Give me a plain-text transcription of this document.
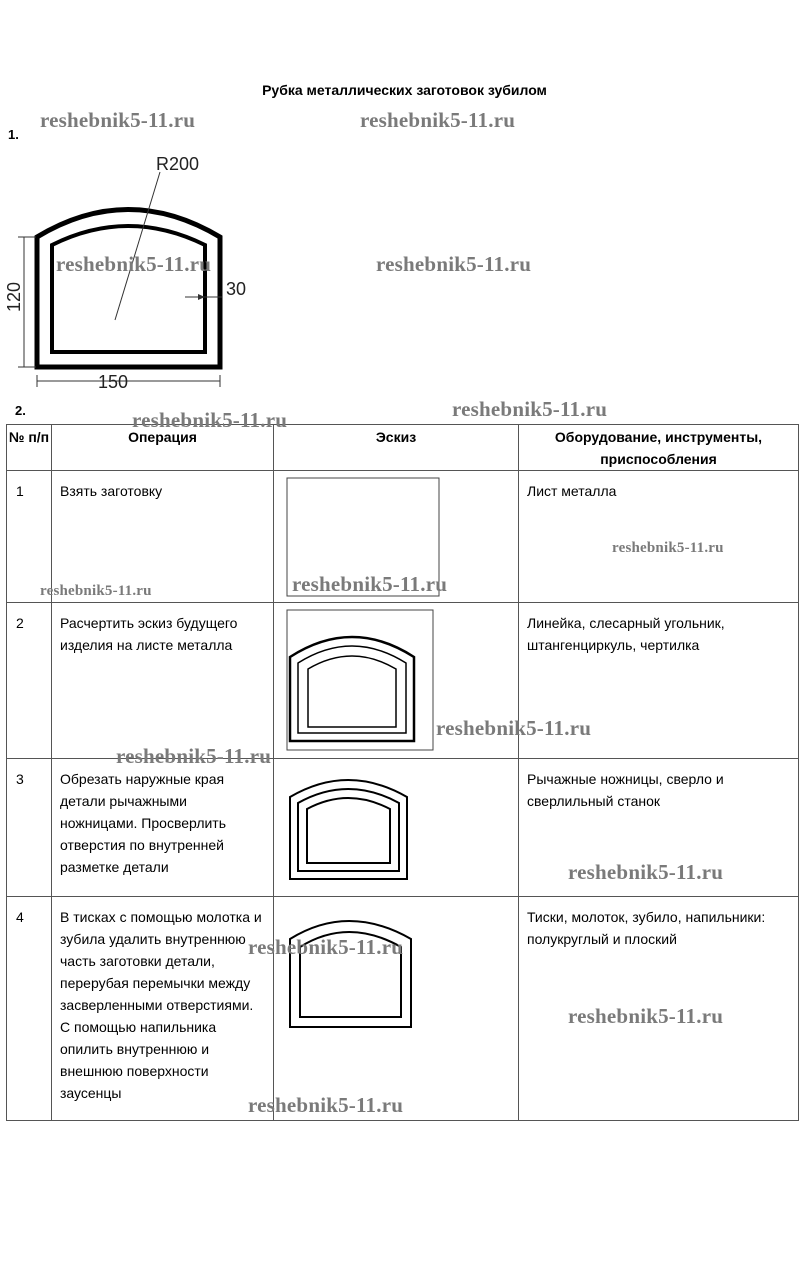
Рубка металлических заготовок зубилом
1.
R200
120
150
30
2.
№ п/п	Операция	Эскиз	Оборудование, инструменты, приспособления

1	Взять заготовку		Лист металла

2	Расчертить эскиз будущего изделия на листе металла		Линейка, слесарный угольник, штангенциркуль, чертилка

3	Обрезать наружные края детали рычажными ножницами. Просверлить отверстия по внутренней разметке детали		Рычажные ножницы, сверло и сверлильный станок

4	В тисках с помощью молотка и зубила удалить внутреннюю часть заготовки детали, перерубая перемычки между засверленными отверстиями. С помощью напильника опилить внутреннюю и внешнюю поверхности заусенцы		Тиски, молоток, зубило, напильники: полукруглый и плоский
reshebnik5-11.ru	reshebnik5-11.ru
reshebnik5-11.ru	reshebnik5-11.ru
reshebnik5-11.ru
reshebnik5-11.ru
reshebnik5-11.ru
reshebnik5-11.ru
reshebnik5-11.ru
reshebnik5-11.ru
reshebnik5-11.ru
reshebnik5-11.ru
reshebnik5-11.ru
reshebnik5-11.ru
reshebnik5-11.ru
